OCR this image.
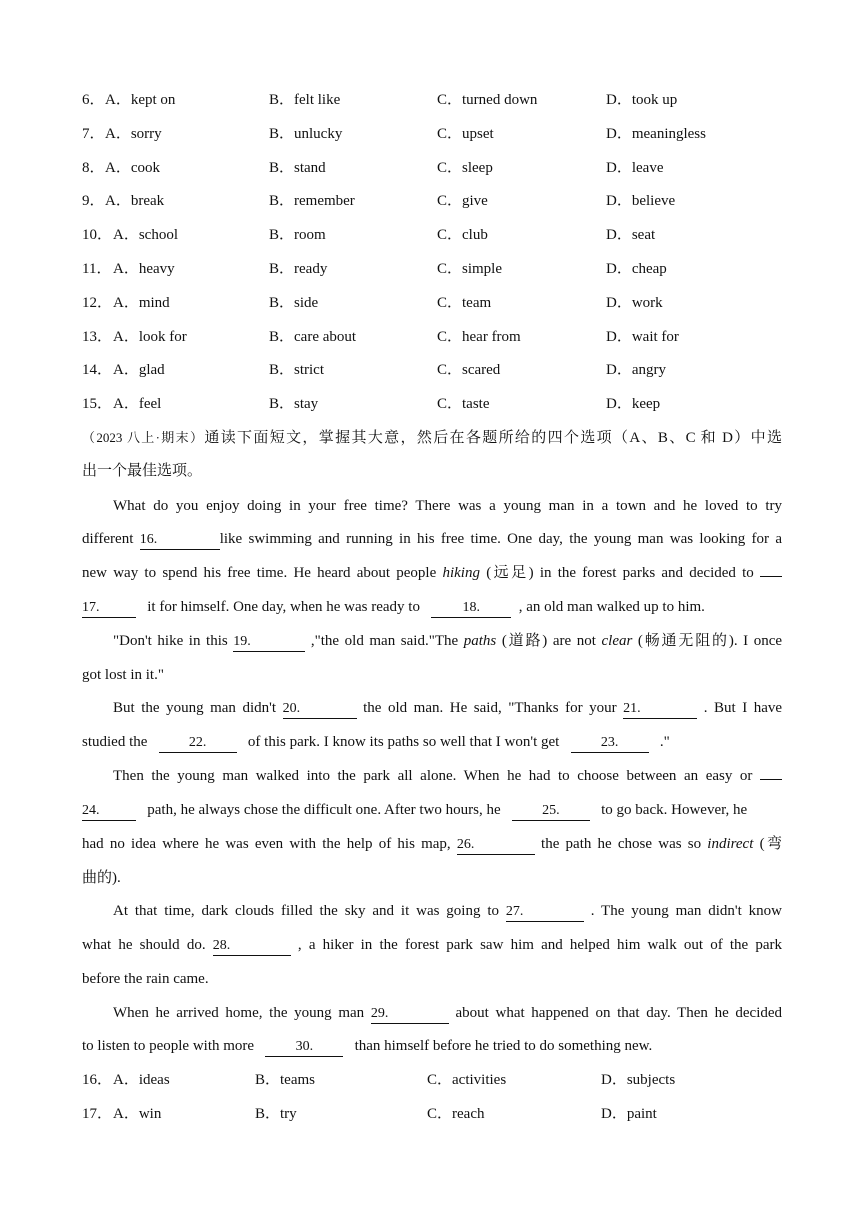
6． A．kept on	B．felt like	C．turned down	D．took up
7． A．sorry	B．unlucky	C．upset	D．meaningless
8． A．cook	B．stand	C．sleep	D．leave
9． A．break	B．remember	C．give	D．believe
10． A．school	B．room	C．club	D．seat
11． A．heavy	B．ready	C．simple	D．cheap
12． A．mind	B．side	C．team	D．work
13． A．look for	B．care about	C．hear from	D．wait for
14． A．glad	B．strict	C．scared	D．angry
15． A．feel	B．stay	C．taste	D．keep
（2023 八上·期末）通读下面短文，掌握其大意，然后在各题所给的四个选项（A、B、C 和 D）中选
出一个最佳选项。
What do you enjoy doing in your free time? There was a young man in a town and he loved to try
different 16.	like swimming and running in his free time. One day, the young man was looking for a
new way to spend his free time. He heard about people hiking (远足) in the forest parks and decided to
17.	it for himself. One day, when he was ready to	18.	, an old man walked up to him.
"Don't hike in this 19.	,"the old man said."The paths (道路) are not clear (畅通无阻的). I once
got lost in it."
But the young man didn't 20.	the old man. He said, "Thanks for your 21.	. But I have
studied the	22.	of this park. I know its paths so well that I won't get	23.	."
Then the young man walked into the park all alone. When he had to choose between an easy or
24.	path, he always chose the difficult one. After two hours, he	25.	to go back. However, he
had no idea where he was even with the help of his map, 26.	the path he chose was so indirect (弯
曲的).
At that time, dark clouds filled the sky and it was going to 27.	. The young man didn't know
what he should do. 28.	, a hiker in the forest park saw him and helped him walk out of the park
before the rain came.
When he arrived home, the young man 29.	about what happened on that day. Then he decided
to listen to people with more	30.	than himself before he tried to do something new.
16． A．ideas	B．teams	C．activities	D．subjects
17． A．win	B．try	C．reach	D．paint
